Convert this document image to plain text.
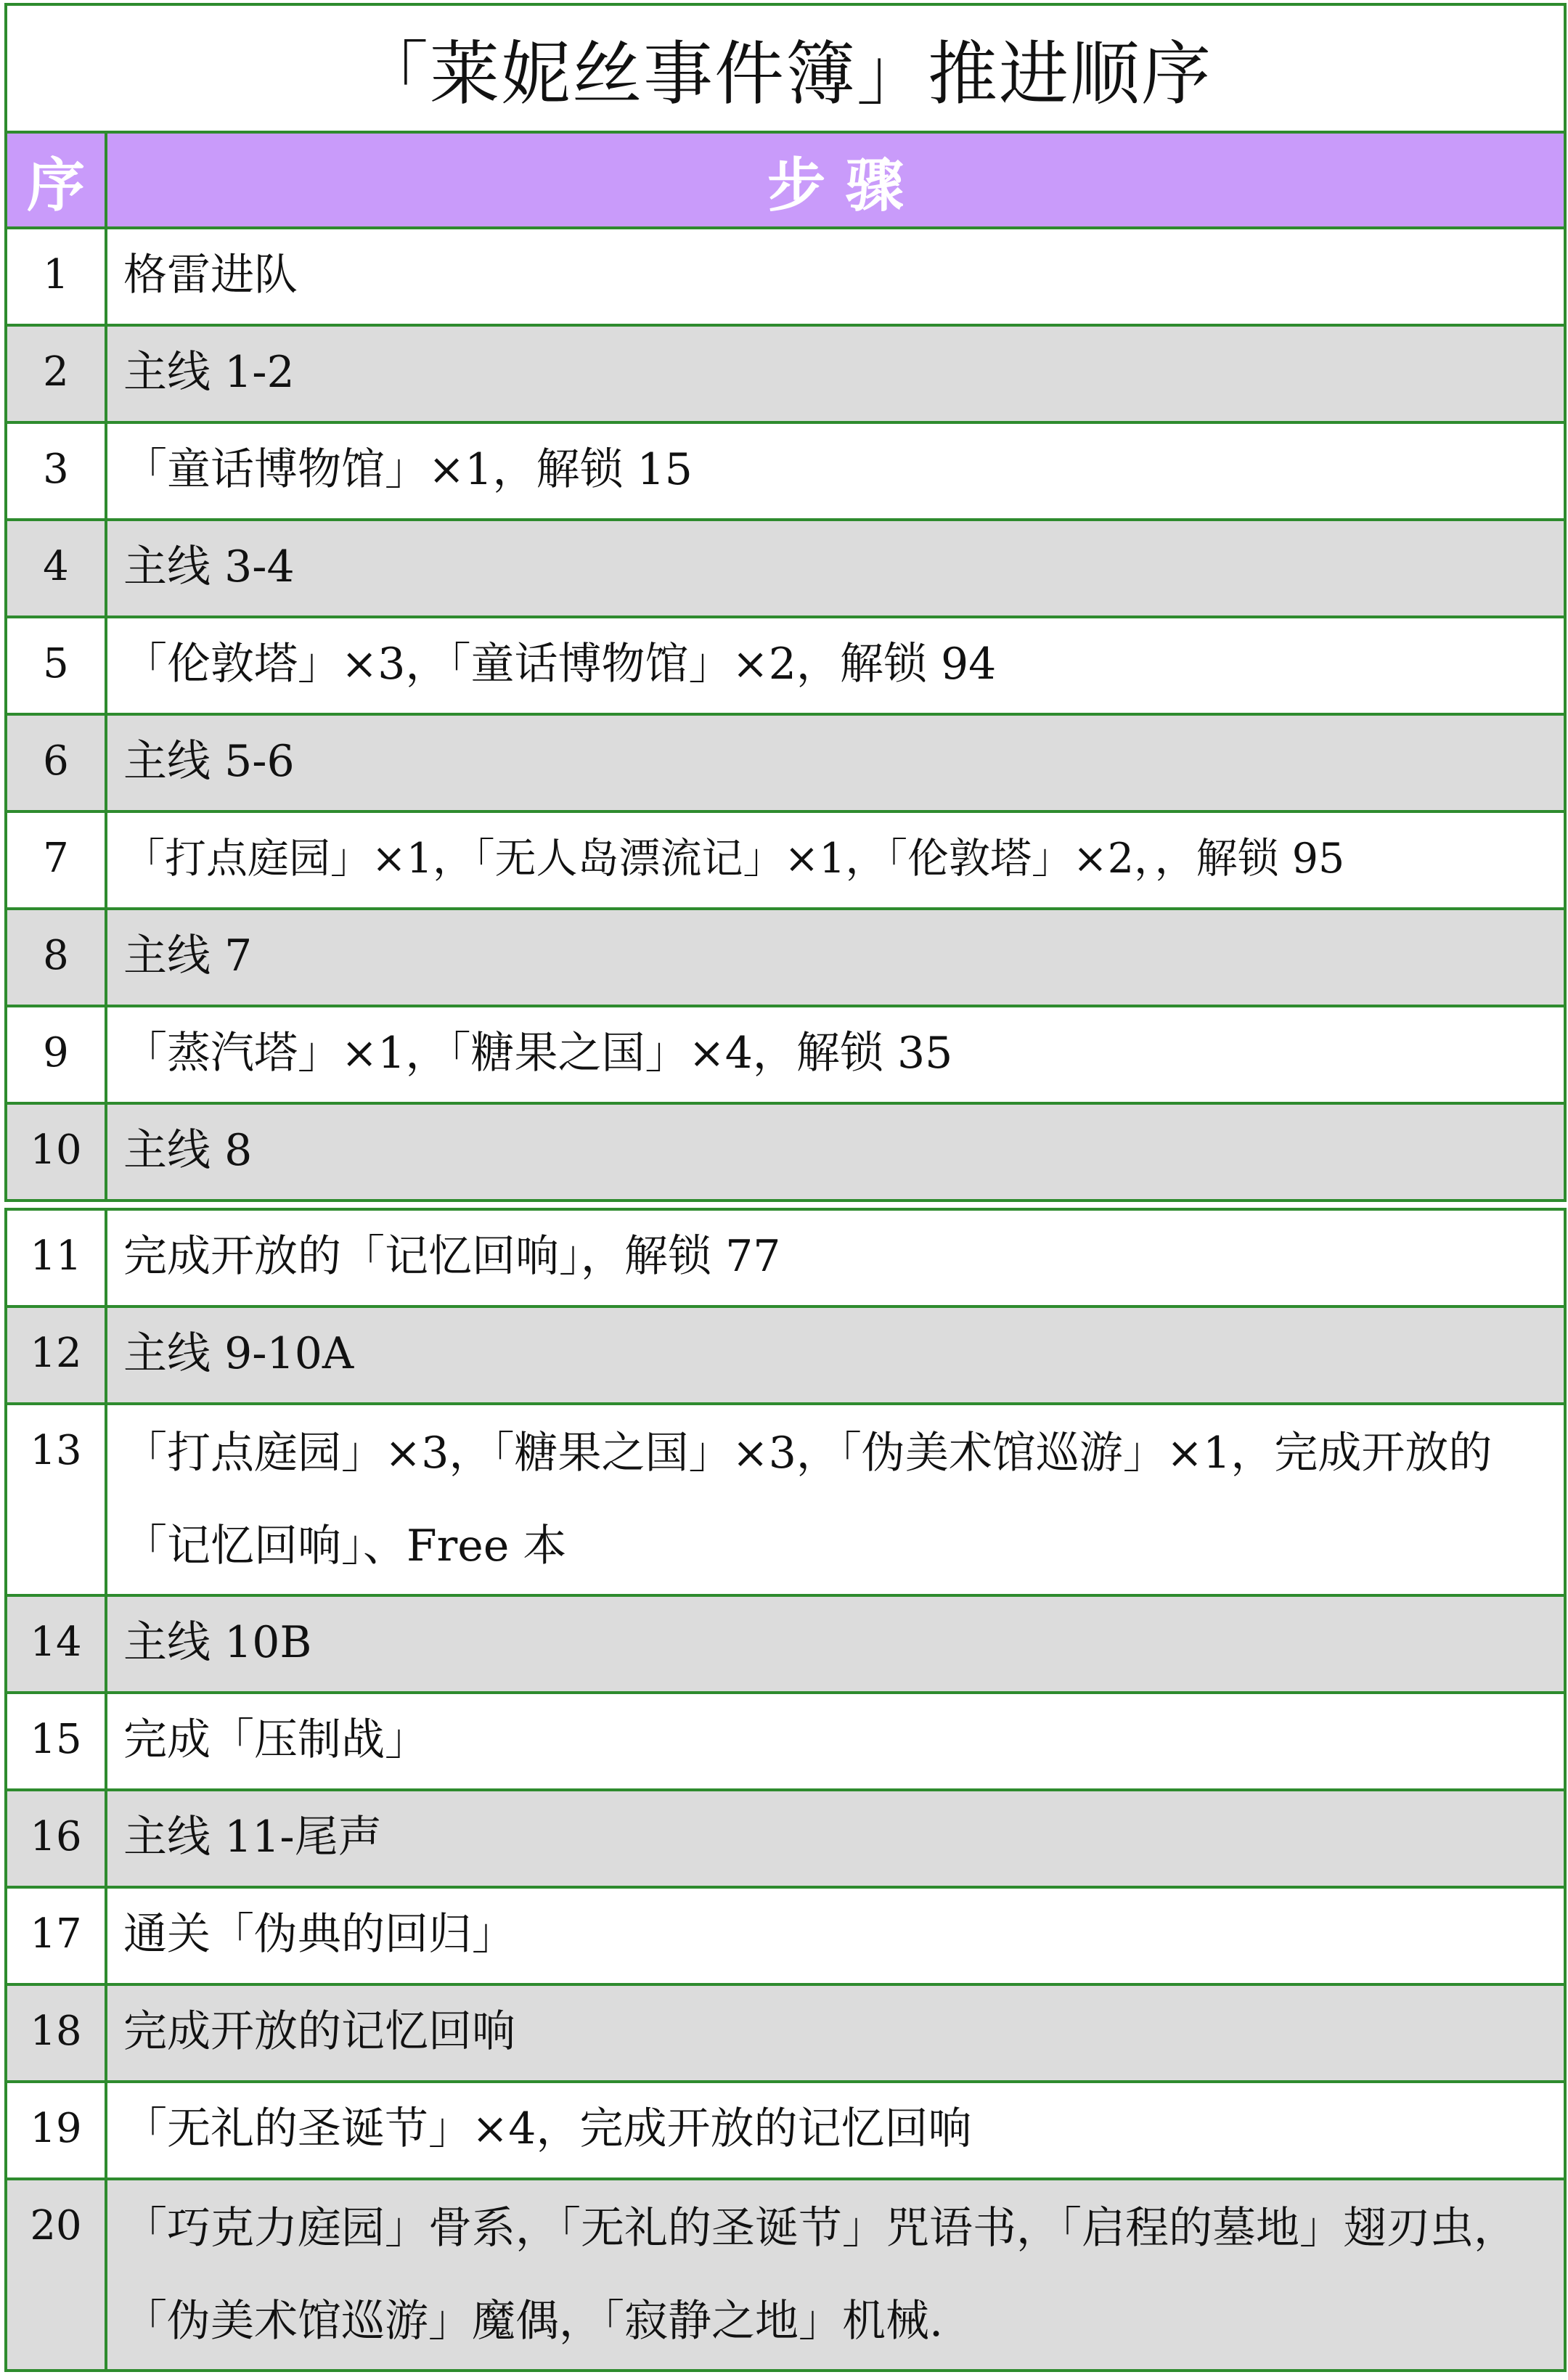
「莱妮丝事件簿」推进顺序	
序	步 骤
1	格雷进队
2	主线 1-2
3	「童话博物馆」×1，解锁 15
4	主线 3-4
5	「伦敦塔」×3，「童话博物馆」×2，解锁 94
6	主线 5-6
7	「打点庭园」×1，「无人岛漂流记」×1，「伦敦塔」×2，，解锁 95
8	主线 7
9	「蒸汽塔」×1，「糖果之国」×4，解锁 35
10	主线 8
11	完成开放的「记忆回响」，解锁 77
12	主线 9-10A
13	「打点庭园」×3，「糖果之国」×3，「伪美术馆巡游」×1，完成开放的「记忆回响」、Free 本
14	主线 10B
15	完成「压制战」
16	主线 11-尾声
17	通关「伪典的回归」
18	完成开放的记忆回响
19	「无礼的圣诞节」×4，完成开放的记忆回响
20	「巧克力庭园」骨系，「无礼的圣诞节」咒语书，「启程的墓地」翅刃虫，「伪美术馆巡游」魔偶，「寂静之地」机械.
